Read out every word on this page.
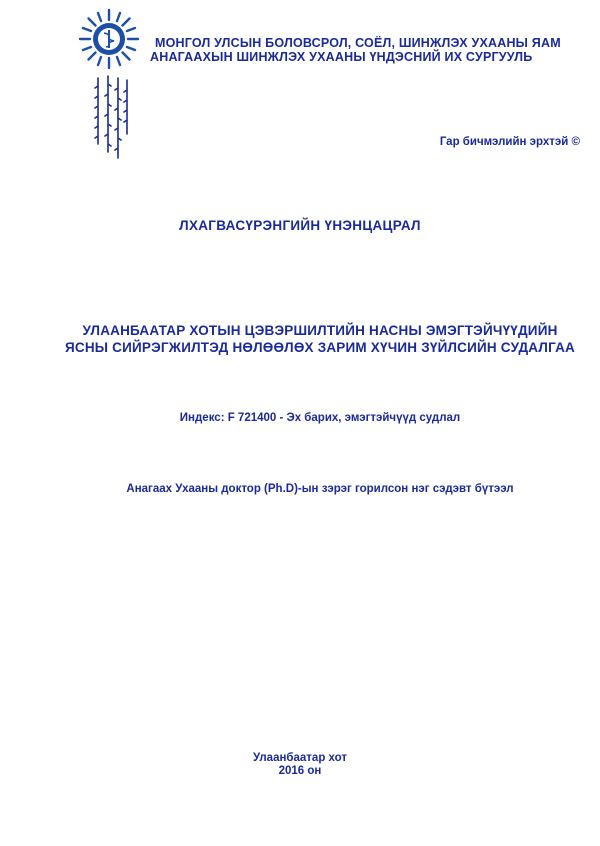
МОНГОЛ УЛСЫН БОЛОВСРОЛ, СОЁЛ, ШИНЖЛЭХ УХААНЫ ЯАМ
АНАГААХЫН ШИНЖЛЭХ УХААНЫ ҮНДЭСНИЙ ИХ СУРГУУЛЬ
Гар бичмэлийн эрхтэй ©
ЛХАГВАСҮРЭНГИЙН ҮНЭНЦАЦРАЛ
УЛААНБААТАР ХОТЫН ЦЭВЭРШИЛТИЙН НАСНЫ ЭМЭГТЭЙЧҮҮДИЙН
ЯСНЫ СИЙРЭГЖИЛТЭД НӨЛӨӨЛӨХ ЗАРИМ ХҮЧИН ЗҮЙЛСИЙН СУДАЛГАА
Индекс: F 721400 - Эх барих, эмэгтэйчүүд судлал
Анагаах Ухааны доктор (Ph.D)-ын зэрэг горилсон нэг сэдэвт бүтээл
Улаанбаатар хот
2016 он
